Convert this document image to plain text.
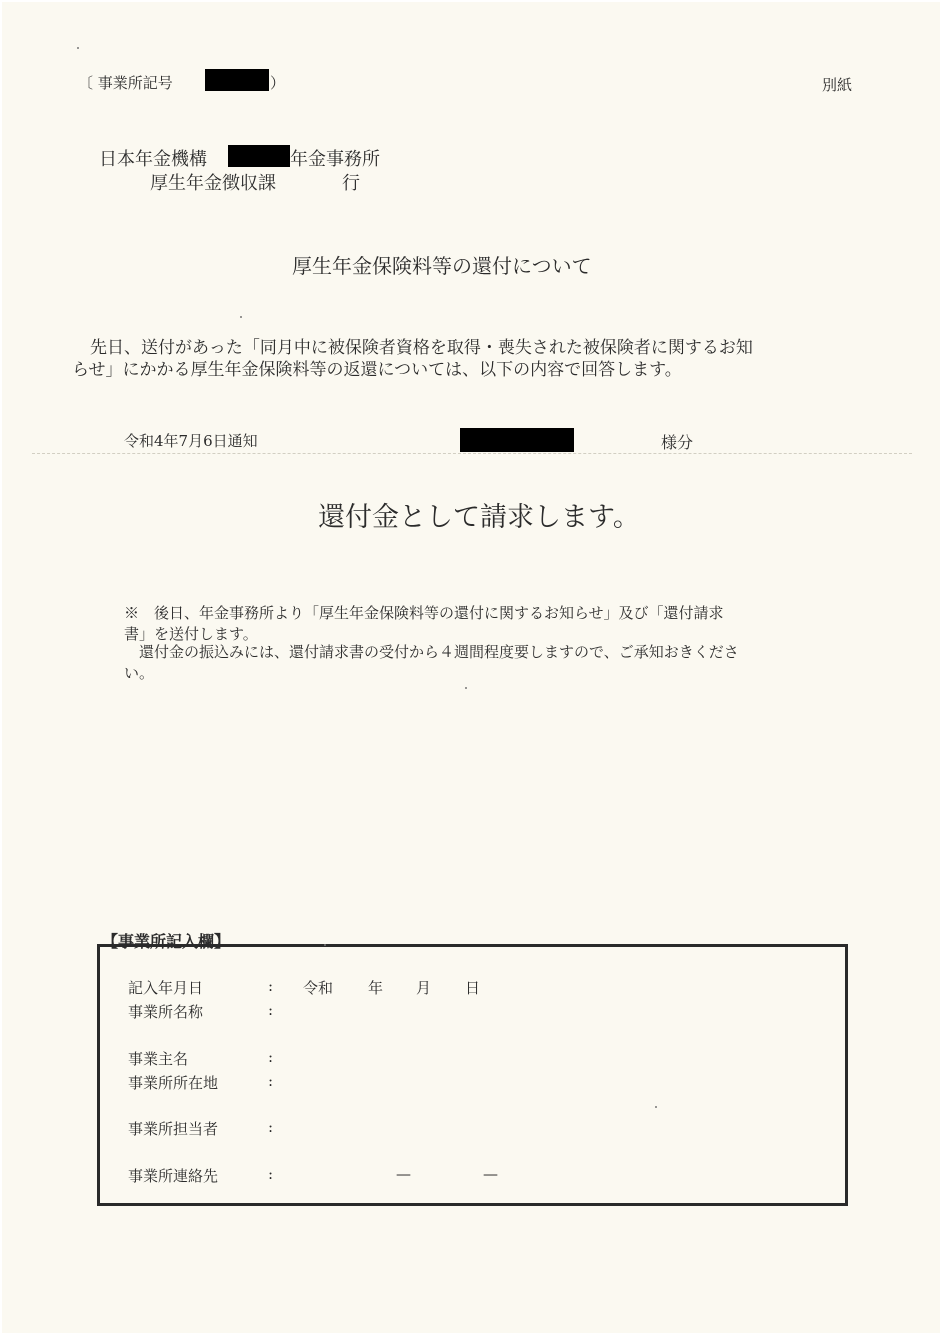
〔 事業所記号	）	別紙
日本年金機構	年金事務所
厚生年金徴収課	行
厚生年金保険料等の還付について
先日、送付があった「同月中に被保険者資格を取得・喪失された被保険者に関するお知
らせ」にかかる厚生年金保険料等の返還については、以下の内容で回答します。
令和4年7月6日通知	様分
還付金として請求します。
※　後日、年金事務所より「厚生年金保険料等の還付に関するお知らせ」及び「還付請求
書」を送付します。
　還付金の振込みには、還付請求書の受付から４週間程度要しますので、ご承知おきくださ
い。
【事業所記入欄】
記入年月日	: 令和 年 月 日
事業所名称	:
事業主名	:
事業所所在地	:
事業所担当者	:
事業所連絡先	:	—	—
